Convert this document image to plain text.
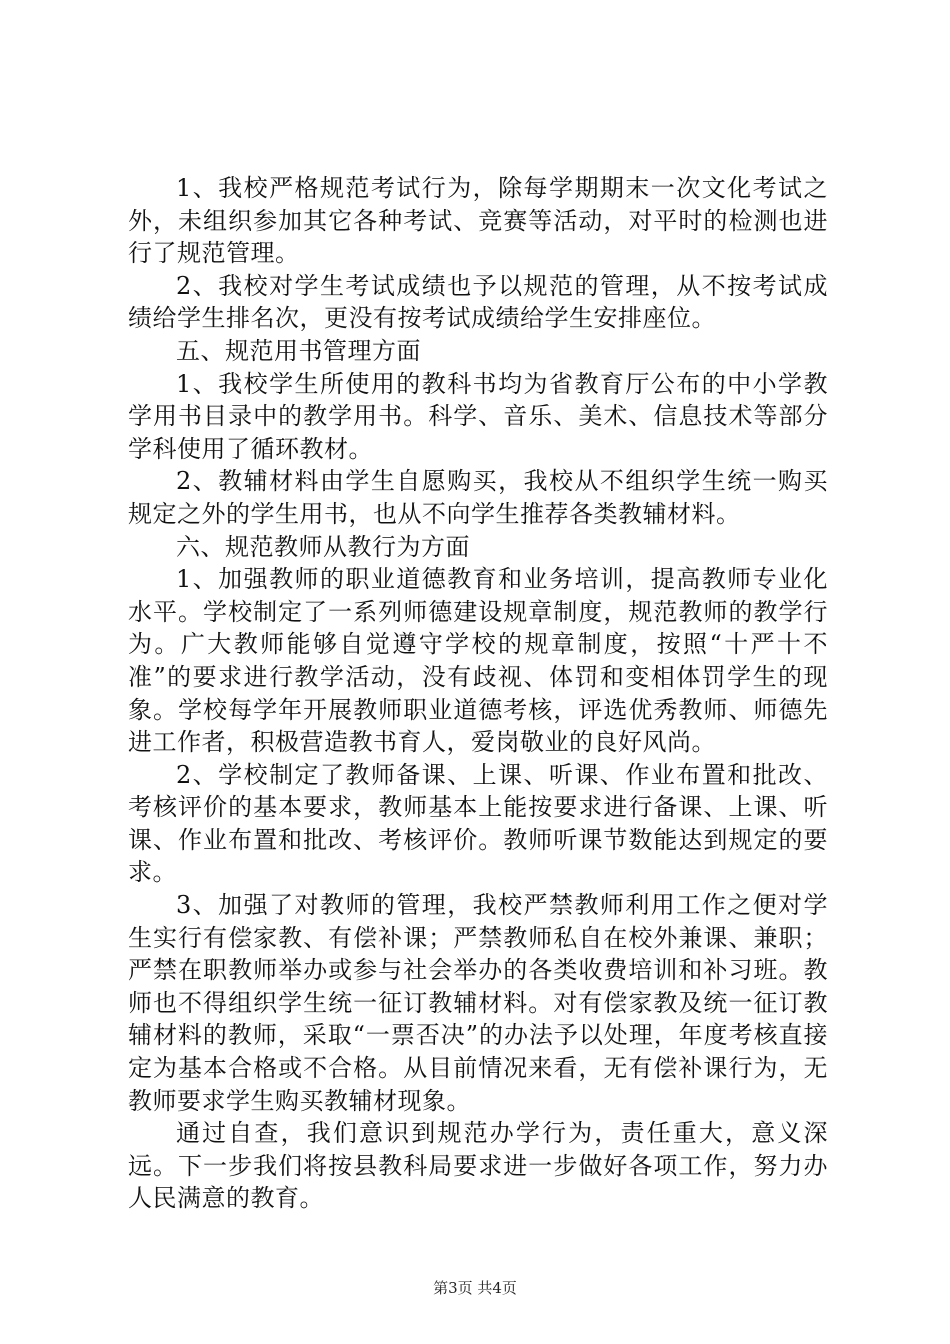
1、我校严格规范考试行为，除每学期期末一次文化考试之外，未组织参加其它各种考试、竞赛等活动，对平时的检测也进行了规范管理。

2、我校对学生考试成绩也予以规范的管理，从不按考试成绩给学生排名次，更没有按考试成绩给学生安排座位。

五、规范用书管理方面

1、我校学生所使用的教科书均为省教育厅公布的中小学教学用书目录中的教学用书。科学、音乐、美术、信息技术等部分学科使用了循环教材。

2、教辅材料由学生自愿购买，我校从不组织学生统一购买规定之外的学生用书，也从不向学生推荐各类教辅材料。

六、规范教师从教行为方面

1、加强教师的职业道德教育和业务培训，提高教师专业化水平。学校制定了一系列师德建设规章制度，规范教师的教学行为。广大教师能够自觉遵守学校的规章制度，按照“十严十不准”的要求进行教学活动，没有歧视、体罚和变相体罚学生的现象。学校每学年开展教师职业道德考核，评选优秀教师、师德先进工作者，积极营造教书育人，爱岗敬业的良好风尚。

2、学校制定了教师备课、上课、听课、作业布置和批改、考核评价的基本要求，教师基本上能按要求进行备课、上课、听课、作业布置和批改、考核评价。教师听课节数能达到规定的要求。

3、加强了对教师的管理，我校严禁教师利用工作之便对学生实行有偿家教、有偿补课；严禁教师私自在校外兼课、兼职；严禁在职教师举办或参与社会举办的各类收费培训和补习班。教师也不得组织学生统一征订教辅材料。对有偿家教及统一征订教辅材料的教师，采取“一票否决”的办法予以处理，年度考核直接定为基本合格或不合格。从目前情况来看，无有偿补课行为，无教师要求学生购买教辅材现象。

通过自查，我们意识到规范办学行为，责任重大，意义深远。下一步我们将按县教科局要求进一步做好各项工作，努力办人民满意的教育。

第3页 共4页
